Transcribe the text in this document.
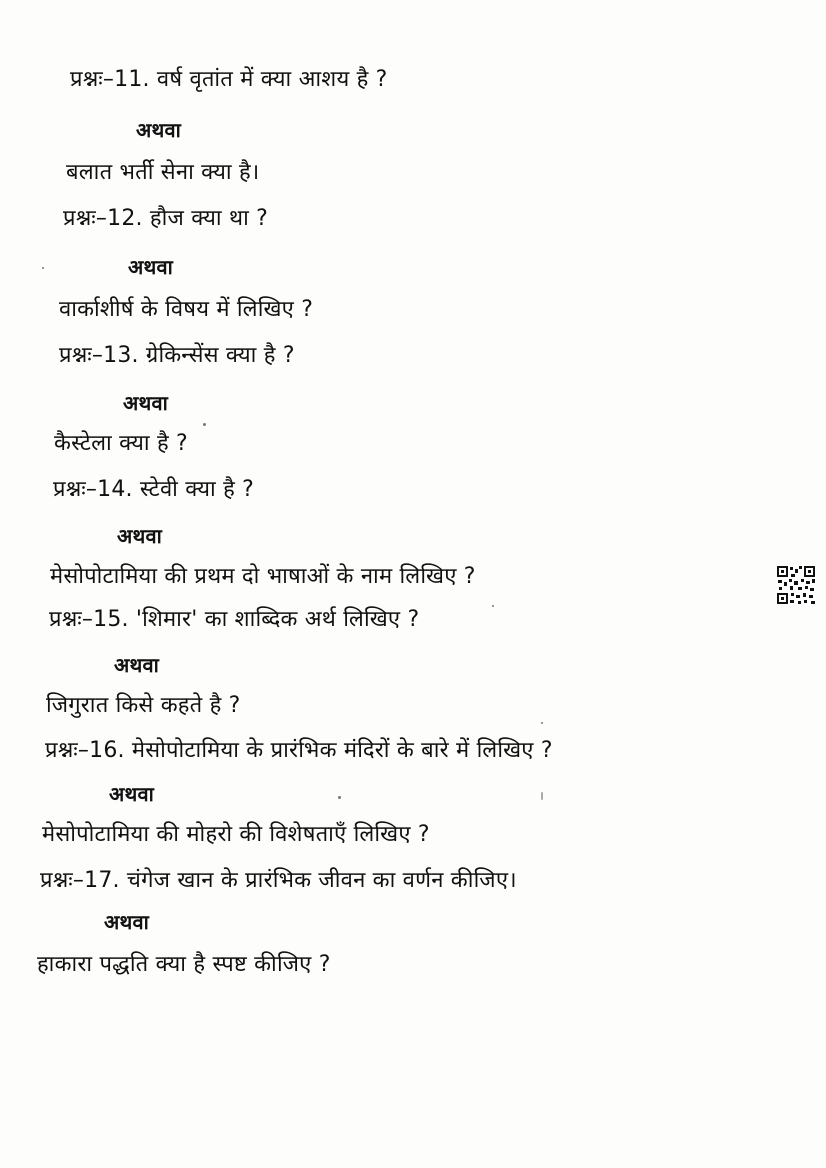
प्रश्नः–11. वर्ष वृतांत में क्या आशय है ?
अथवा
बलात भर्ती सेना क्या है।
प्रश्नः–12. हौज क्या था ?
अथवा
वार्काशीर्ष के विषय में लिखिए ?
प्रश्नः–13. ग्रेकिन्सेंस क्या है ?
अथवा
कैस्टेला क्या है ?
प्रश्नः–14. स्टेवी क्या है ?
अथवा
मेसोपोटामिया की प्रथम दो भाषाओं के नाम लिखिए ?
प्रश्नः–15. 'शिमार' का शाब्दिक अर्थ लिखिए ?
अथवा
जिगुरात किसे कहते है ?
प्रश्नः–16. मेसोपोटामिया के प्रारंभिक मंदिरों के बारे में लिखिए ?
अथवा
मेसोपोटामिया की मोहरो की विशेषताएँ लिखिए ?
प्रश्नः–17. चंगेज खान के प्रारंभिक जीवन का वर्णन कीजिए।
अथवा
हाकारा पद्धति क्या है स्पष्ट कीजिए ?
